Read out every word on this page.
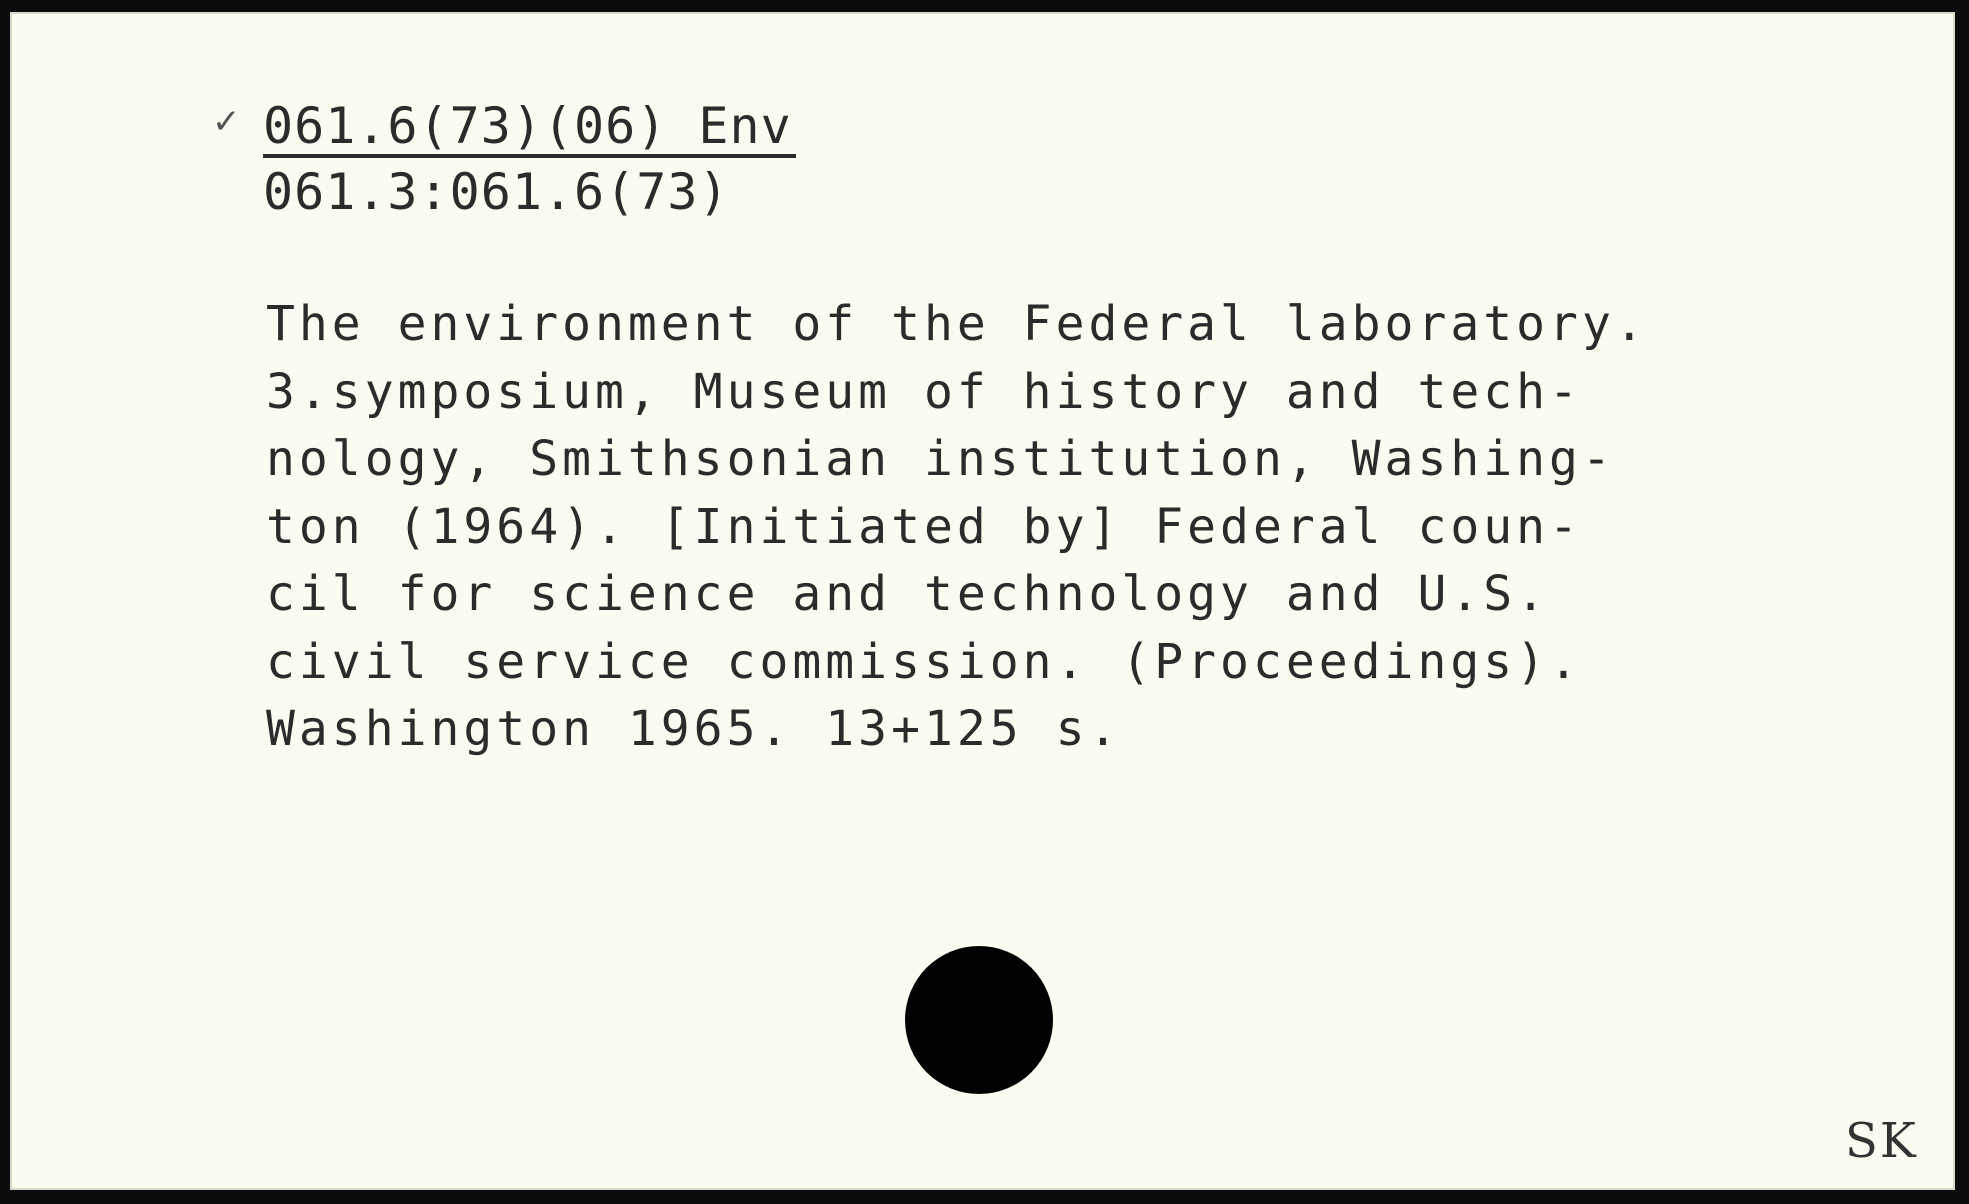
✓ 061.6(73)(06) Env
061.3:061.6(73)
The environment of the Federal laboratory.
3.symposium, Museum of history and tech-
nology, Smithsonian institution, Washing-
ton (1964). [Initiated by] Federal coun-
cil for science and technology and U.S.
civil service commission. (Proceedings).
Washington 1965. 13+125 s.
SK
